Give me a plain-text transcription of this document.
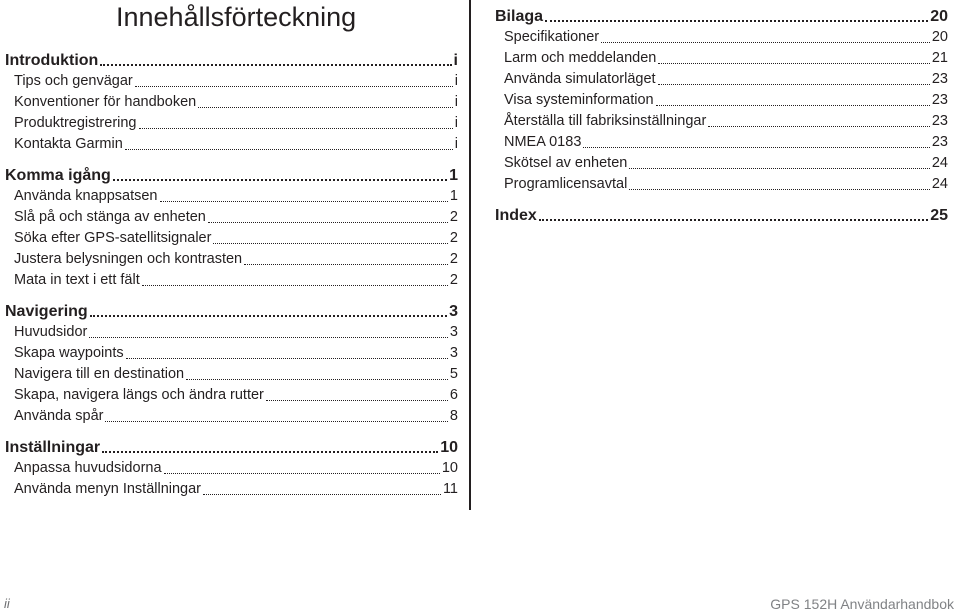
Innehållsförteckning
Introduktion	i
Tips och genvägar	i
Konventioner för handboken	i
Produktregistrering	i
Kontakta Garmin	i
Komma igång	1
Använda knappsatsen	1
Slå på och stänga av enheten	2
Söka efter GPS-satellitsignaler	2
Justera belysningen och kontrasten	2
Mata in text i ett fält	2
Navigering	3
Huvudsidor	3
Skapa waypoints	3
Navigera till en destination	5
Skapa, navigera längs och ändra rutter	6
Använda spår	8
Inställningar	10
Anpassa huvudsidorna	10
Använda menyn Inställningar	11
Bilaga	20
Specifikationer	20
Larm och meddelanden	21
Använda simulatorläget	23
Visa systeminformation	23
Återställa till fabriksinställningar	23
NMEA 0183	23
Skötsel av enheten	24
Programlicensavtal	24
Index	25
ii	GPS 152H Användarhandbok
